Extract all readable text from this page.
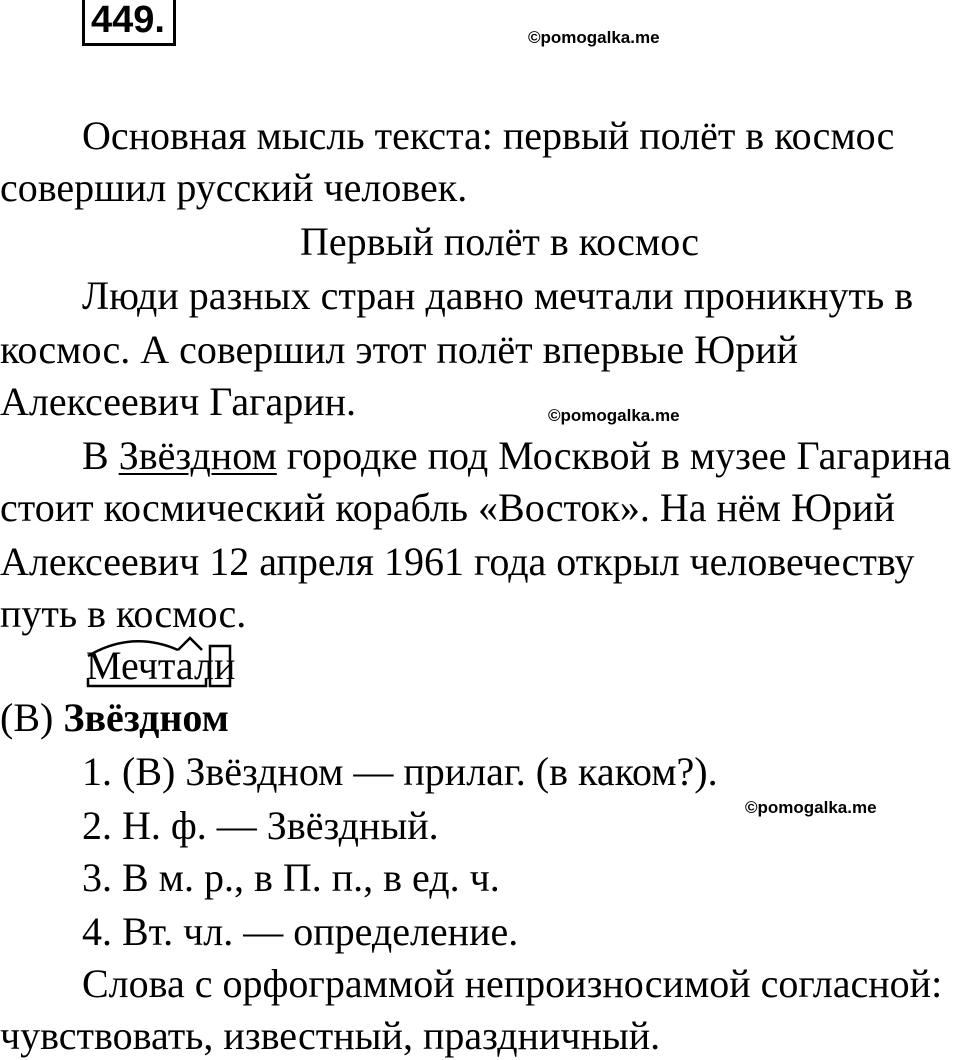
449.	©pomogalka.me
Основная мысль текста: первый полёт в космос
совершил русский человек.
Первый полёт в космос
Люди разных стран давно мечтали проникнуть в
космос. А совершил этот полёт впервые Юрий
Алексеевич Гагарин.	©pomogalka.me
В Звёздном городке под Москвой в музее Гагарина
стоит космический корабль «Восток». На нём Юрий
Алексеевич 12 апреля 1961 года открыл человечеству
путь в космос.
Мечтали
(В) Звёздном
1. (В) Звёздном — прилаг. (в каком?).
©pomogalka.me
2. Н. ф. — Звёздный.
3. В м. р., в П. п., в ед. ч.
4. Вт. чл. — определение.
Слова с орфограммой непроизносимой согласной:
чувствовать, известный, праздничный.
